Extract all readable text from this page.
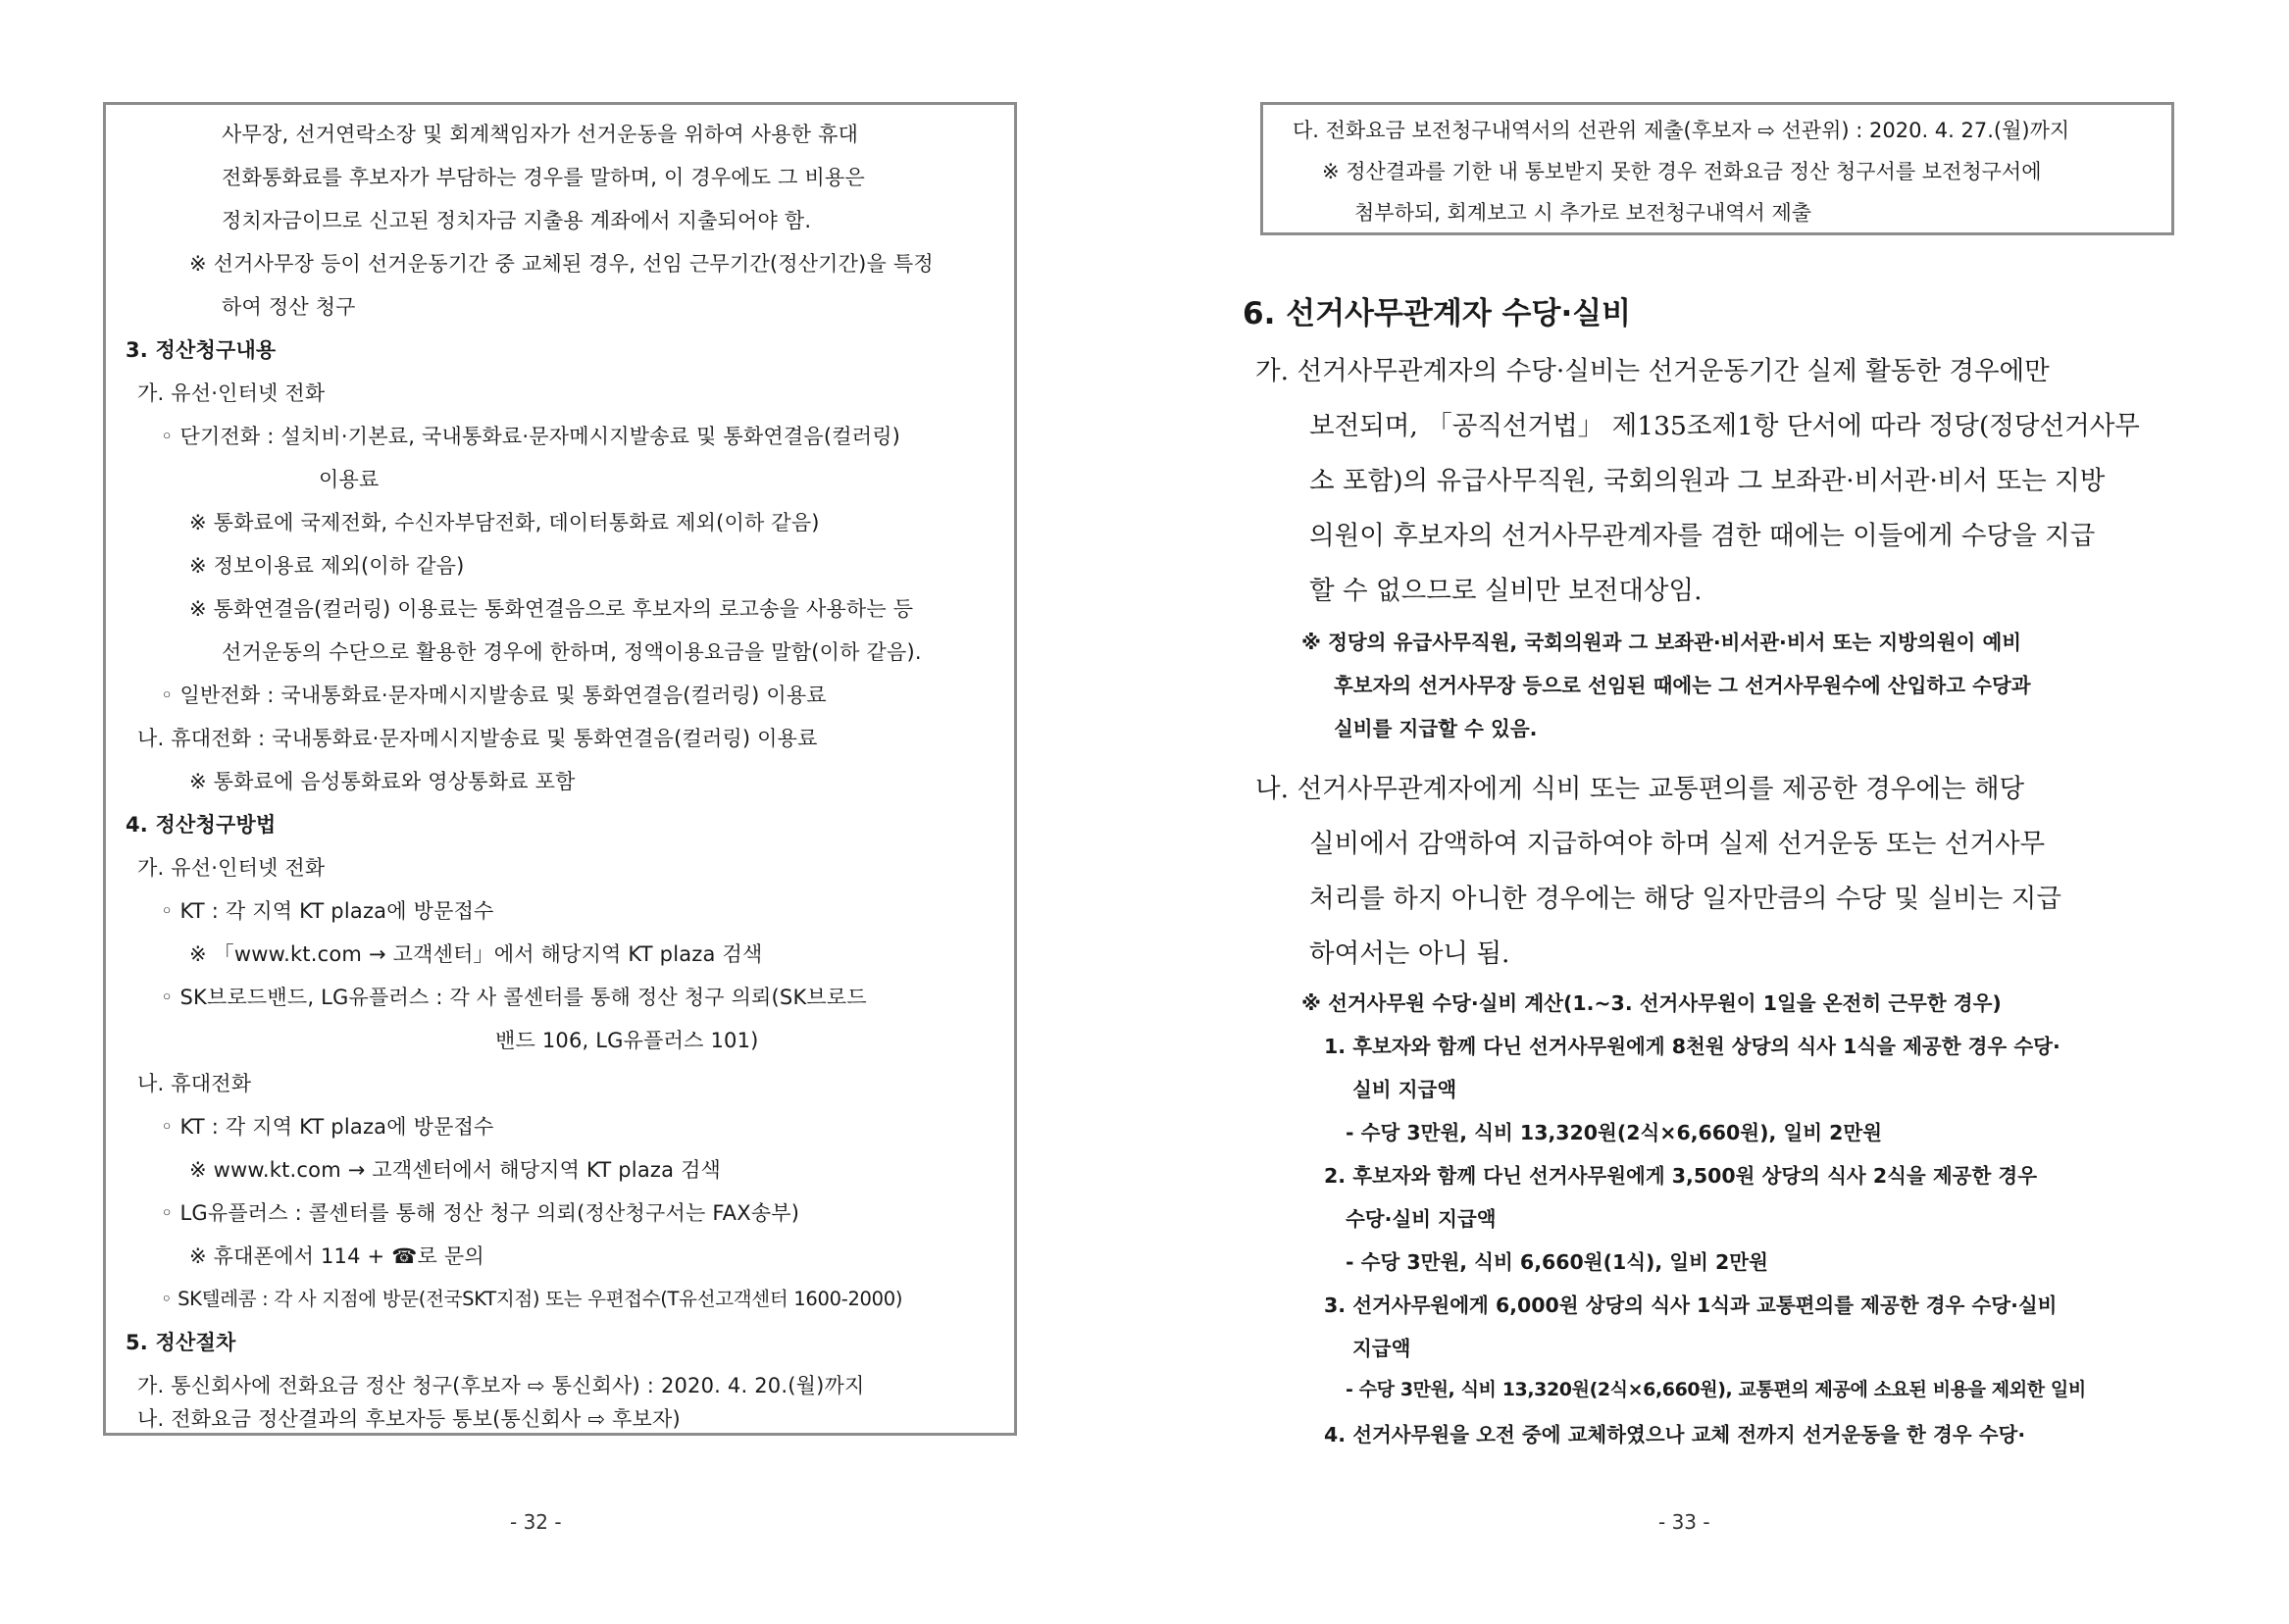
사무장, 선거연락소장 및 회계책임자가 선거운동을 위하여 사용한 휴대
전화통화료를 후보자가 부담하는 경우를 말하며, 이 경우에도 그 비용은
정치자금이므로 신고된 정치자금 지출용 계좌에서 지출되어야 함.
※ 선거사무장 등이 선거운동기간 중 교체된 경우, 선임 근무기간(정산기간)을 특정
하여 정산 청구
3. 정산청구내용
가. 유선·인터넷 전화
◦ 단기전화 : 설치비·기본료, 국내통화료·문자메시지발송료 및 통화연결음(컬러링)
이용료
※ 통화료에 국제전화, 수신자부담전화, 데이터통화료 제외(이하 같음)
※ 정보이용료 제외(이하 같음)
※ 통화연결음(컬러링) 이용료는 통화연결음으로 후보자의 로고송을 사용하는 등
선거운동의 수단으로 활용한 경우에 한하며, 정액이용요금을 말함(이하 같음).
◦ 일반전화 : 국내통화료·문자메시지발송료 및 통화연결음(컬러링) 이용료
나. 휴대전화 : 국내통화료·문자메시지발송료 및 통화연결음(컬러링) 이용료
※ 통화료에 음성통화료와 영상통화료 포함
4. 정산청구방법
가. 유선·인터넷 전화
◦ KT : 각 지역 KT plaza에 방문접수
※ 「www.kt.com → 고객센터」에서 해당지역 KT plaza 검색
◦ SK브로드밴드, LG유플러스 : 각 사 콜센터를 통해 정산 청구 의뢰(SK브로드
밴드 106, LG유플러스 101)
나. 휴대전화
◦ KT : 각 지역 KT plaza에 방문접수
※ www.kt.com → 고객센터에서 해당지역 KT plaza 검색
◦ LG유플러스 : 콜센터를 통해 정산 청구 의뢰(정산청구서는 FAX송부)
※ 휴대폰에서 114 + ☎로 문의
◦ SK텔레콤 : 각 사 지점에 방문(전국SKT지점) 또는 우편접수(T유선고객센터 1600-2000)
5. 정산절차
가. 통신회사에 전화요금 정산 청구(후보자 ⇨ 통신회사) : 2020. 4. 20.(월)까지
나. 전화요금 정산결과의 후보자등 통보(통신회사 ⇨ 후보자)
- 32 -
다. 전화요금 보전청구내역서의 선관위 제출(후보자 ⇨ 선관위) : 2020. 4. 27.(월)까지
※ 정산결과를 기한 내 통보받지 못한 경우 전화요금 정산 청구서를 보전청구서에
첨부하되, 회계보고 시 추가로 보전청구내역서 제출
6. 선거사무관계자 수당·실비
가. 선거사무관계자의 수당·실비는 선거운동기간 실제 활동한 경우에만
보전되며, 「공직선거법」 제135조제1항 단서에 따라 정당(정당선거사무
소 포함)의 유급사무직원, 국회의원과 그 보좌관·비서관·비서 또는 지방
의원이 후보자의 선거사무관계자를 겸한 때에는 이들에게 수당을 지급
할 수 없으므로 실비만 보전대상임.
※ 정당의 유급사무직원, 국회의원과 그 보좌관·비서관·비서 또는 지방의원이 예비
후보자의 선거사무장 등으로 선임된 때에는 그 선거사무원수에 산입하고 수당과
실비를 지급할 수 있음.
나. 선거사무관계자에게 식비 또는 교통편의를 제공한 경우에는 해당
실비에서 감액하여 지급하여야 하며 실제 선거운동 또는 선거사무
처리를 하지 아니한 경우에는 해당 일자만큼의 수당 및 실비는 지급
하여서는 아니 됨.
※ 선거사무원 수당·실비 계산(1.~3. 선거사무원이 1일을 온전히 근무한 경우)
1. 후보자와 함께 다닌 선거사무원에게 8천원 상당의 식사 1식을 제공한 경우 수당·
실비 지급액
- 수당 3만원, 식비 13,320원(2식×6,660원), 일비 2만원
2. 후보자와 함께 다닌 선거사무원에게 3,500원 상당의 식사 2식을 제공한 경우
수당·실비 지급액
- 수당 3만원, 식비 6,660원(1식), 일비 2만원
3. 선거사무원에게 6,000원 상당의 식사 1식과 교통편의를 제공한 경우 수당·실비
지급액
- 수당 3만원, 식비 13,320원(2식×6,660원), 교통편의 제공에 소요된 비용을 제외한 일비
4. 선거사무원을 오전 중에 교체하였으나 교체 전까지 선거운동을 한 경우 수당·
- 33 -
